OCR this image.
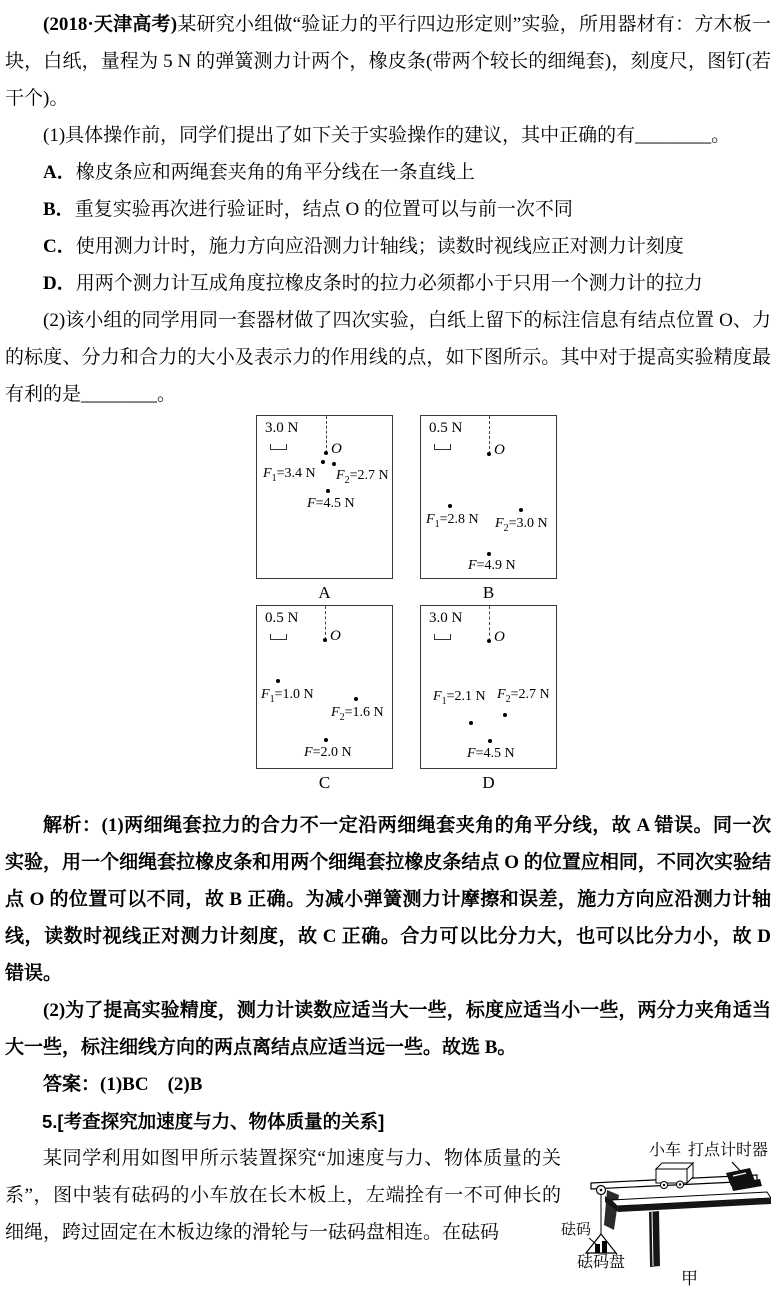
(2018·天津高考)某研究小组做“验证力的平行四边形定则”实验，所用器材有：方木板一块，白纸，量程为 5 N 的弹簧测力计两个，橡皮条(带两个较长的细绳套)，刻度尺，图钉(若干个)。

(1)具体操作前，同学们提出了如下关于实验操作的建议，其中正确的有________。

A．橡皮条应和两绳套夹角的角平分线在一条直线上

B．重复实验再次进行验证时，结点 O 的位置可以与前一次不同

C．使用测力计时，施力方向应沿测力计轴线；读数时视线应正对测力计刻度

D．用两个测力计互成角度拉橡皮条时的拉力必须都小于只用一个测力计的拉力

(2)该小组的同学用同一套器材做了四次实验，白纸上留下的标注信息有结点位置 O、力的标度、分力和合力的大小及表示力的作用线的点，如下图所示。其中对于提高实验精度最有利的是________。

3.0 N
O
$F_1=3.4$ N $F_2=2.7$ N
F=4.5 N
A
0.5 N
O
$F_1=2.8$ N $F_2=3.0$ N
F=4.9 N
B
0.5 N
O
$F_1=1.0$ N
$F_2=1.6$ N
F=2.0 N
C
3.0 N
O
$F_1=2.1$ N $F_2=2.7$ N
F=4.5 N
D

解析：(1)两细绳套拉力的合力不一定沿两细绳套夹角的角平分线，故 A 错误。同一次实验，用一个细绳套拉橡皮条和用两个细绳套拉橡皮条结点 O 的位置应相同，不同次实验结点 O 的位置可以不同，故 B 正确。为减小弹簧测力计摩擦和误差，施力方向应沿测力计轴线，读数时视线正对测力计刻度，故 C 正确。合力可以比分力大，也可以比分力小，故 D 错误。

(2)为了提高实验精度，测力计读数应适当大一些，标度应适当小一些，两分力夹角适当大一些，标注细线方向的两点离结点应适当远一些。故选 B。

答案：(1)BC　(2)B

5.[考查探究加速度与力、物体质量的关系]

某同学利用如图甲所示装置探究“加速度与力、物体质量的关系”，图中装有砝码的小车放在长木板上，左端拴有一不可伸长的细绳，跨过固定在木板边缘的滑轮与一砝码盘相连。在砝码

小车 打点计时器
砝码
砝码盘
甲
